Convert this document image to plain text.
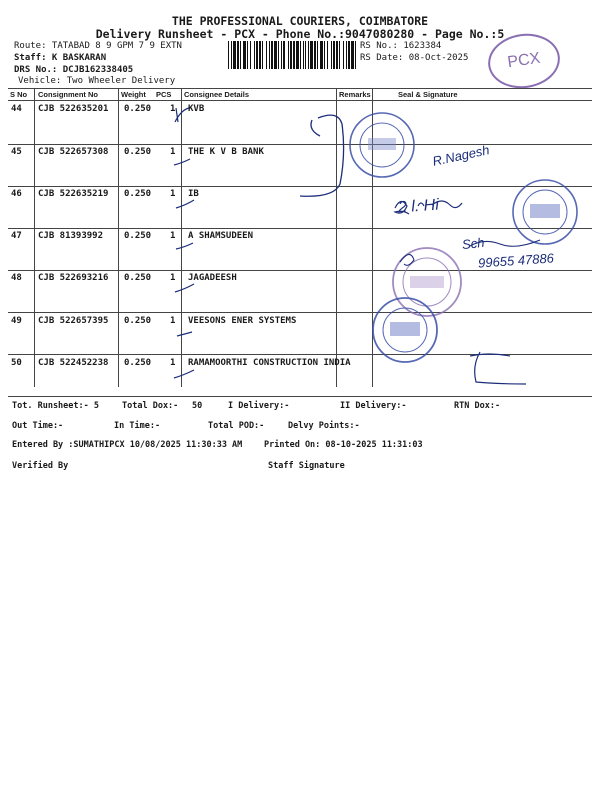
THE PROFESSIONAL COURIERS, COIMBATORE
Delivery Runsheet - PCX - Phone No.:9047080280 - Page No.:5
Route: TATABAD 8 9 GPM 7 9 EXTN
Staff: K BASKARAN
DRS No.: DCJB162338405
Vehicle: Two Wheeler Delivery
RS No.: 1623384
RS Date: 08-Oct-2025	PCX
S No Consignment No	Weight PCS Consignee Details	Remarks	Seal & Signature
44 CJB 522635201 0.250 1 KVB
45 CJB 522657308 0.250 1 THE K V B BANK
46 CJB 522635219 0.250 1 IB
47 CJB 81393992 0.250 1 A SHAMSUDEEN
48 CJB 522693216 0.250 1 JAGADEESH
49 CJB 522657395 0.250 1 VEESONS ENER SYSTEMS
50 CJB 522452238 0.250 1 RAMAMOORTHI CONSTRUCTION INDIA
R.Nagesh
2 l. Hi
Sch
99655 47886
Tot. Runsheet:- 5	Total Dox:- 50	I Delivery:-	II Delivery:-	RTN Dox:-
Out Time:-	In Time:-	Total POD:-	Delvy Points:-
Entered By :SUMATHIPCX 10/08/2025 11:30:33 AM	Printed On: 08-10-2025 11:31:03
Verified By	Staff Signature
